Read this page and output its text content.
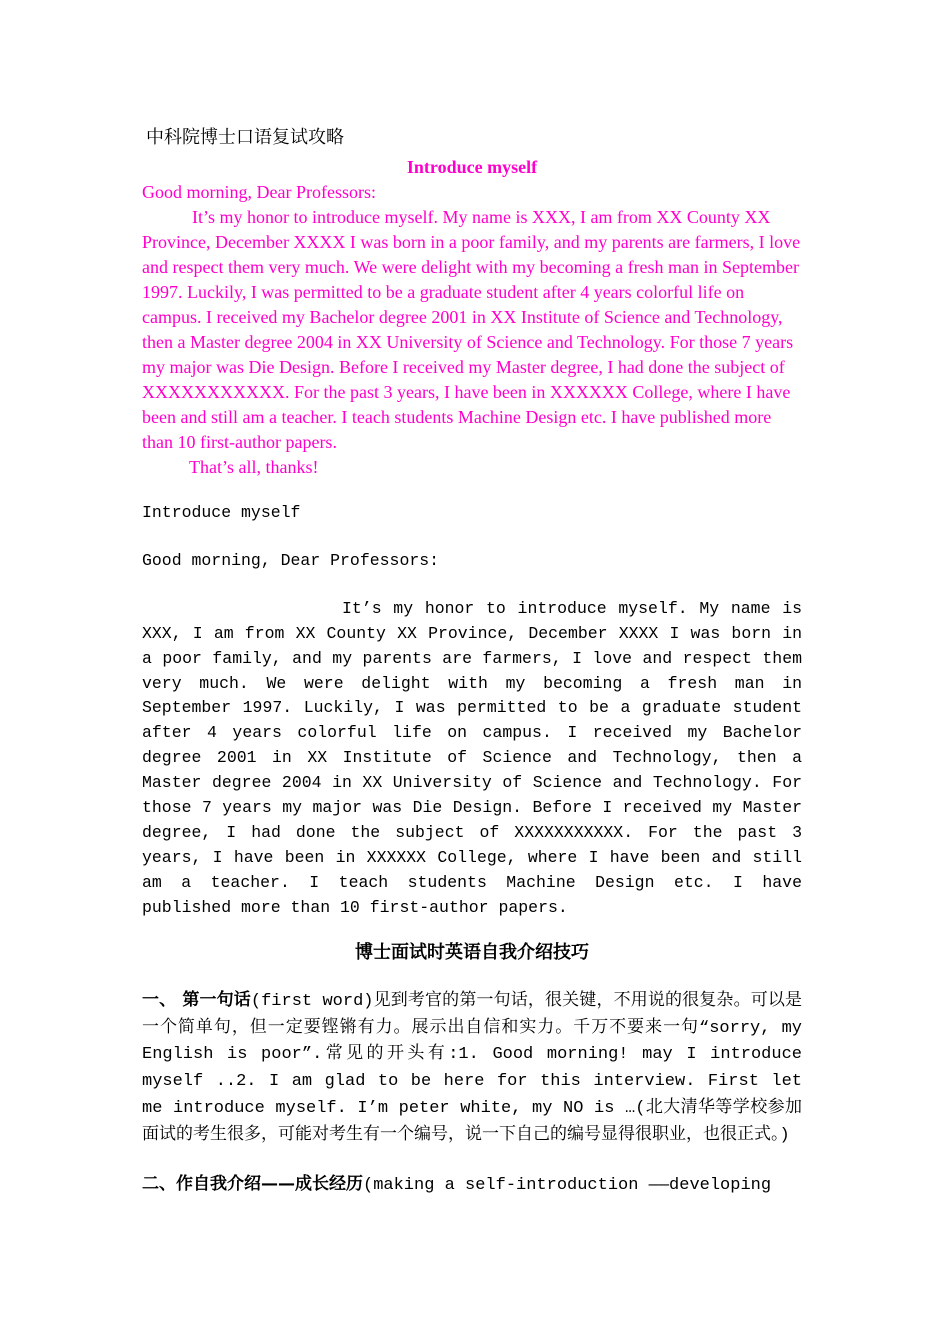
中科院博士口语复试攻略

Introduce myself

Good morning, Dear Professors:

It’s my honor to introduce myself. My name is XXX, I am from XX County XX Province, December XXXX I was born in a poor family, and my parents are farmers, I love and respect them very much. We were delight with my becoming a fresh man in September 1997. Luckily, I was permitted to be a graduate student after 4 years colorful life on campus. I received my Bachelor degree 2001 in XX Institute of Science and Technology, then a Master degree 2004 in XX University of Science and Technology. For those 7 years my major was Die Design. Before I received my Master degree, I had done the subject of XXXXXXXXXXX. For the past 3 years, I have been in XXXXXX College, where I have been and still am a teacher. I teach students Machine Design etc. I have published more than 10 first-author papers.

That’s all, thanks!

Introduce myself

Good morning, Dear Professors:

It’s my honor to introduce myself. My name is XXX, I am from XX County XX Province, December XXXX I was born in a poor family, and my parents are farmers, I love and respect them very much. We were delight with my becoming a fresh man in September 1997. Luckily, I was permitted to be a graduate student after 4 years colorful life on campus. I received my Bachelor degree 2001 in XX Institute of Science and Technology, then a Master degree 2004 in XX University of Science and Technology. For those 7 years my major was Die Design. Before I received my Master degree, I had done the subject of XXXXXXXXXXX. For the past 3 years, I have been in XXXXXX College, where I have been and still am a teacher. I teach students Machine Design etc. I have published more than 10 first-author papers.

博士面试时英语自我介绍技巧

一、 第一句话(first word)见到考官的第一句话，很关键，不用说的很复杂。可以是一个简单句，但一定要铿锵有力。展示出自信和实力。千万不要来一句“sorry, my English is poor”.常见的开头有:1. Good morning! may I introduce myself ..2. I am glad to be here for this interview. First let me introduce myself. I’m peter white, my NO is …(北大清华等学校参加面试的考生很多，可能对考生有一个编号，说一下自己的编号显得很职业，也很正式。)

二、作自我介绍——成长经历(making a self-introduction ——developing
